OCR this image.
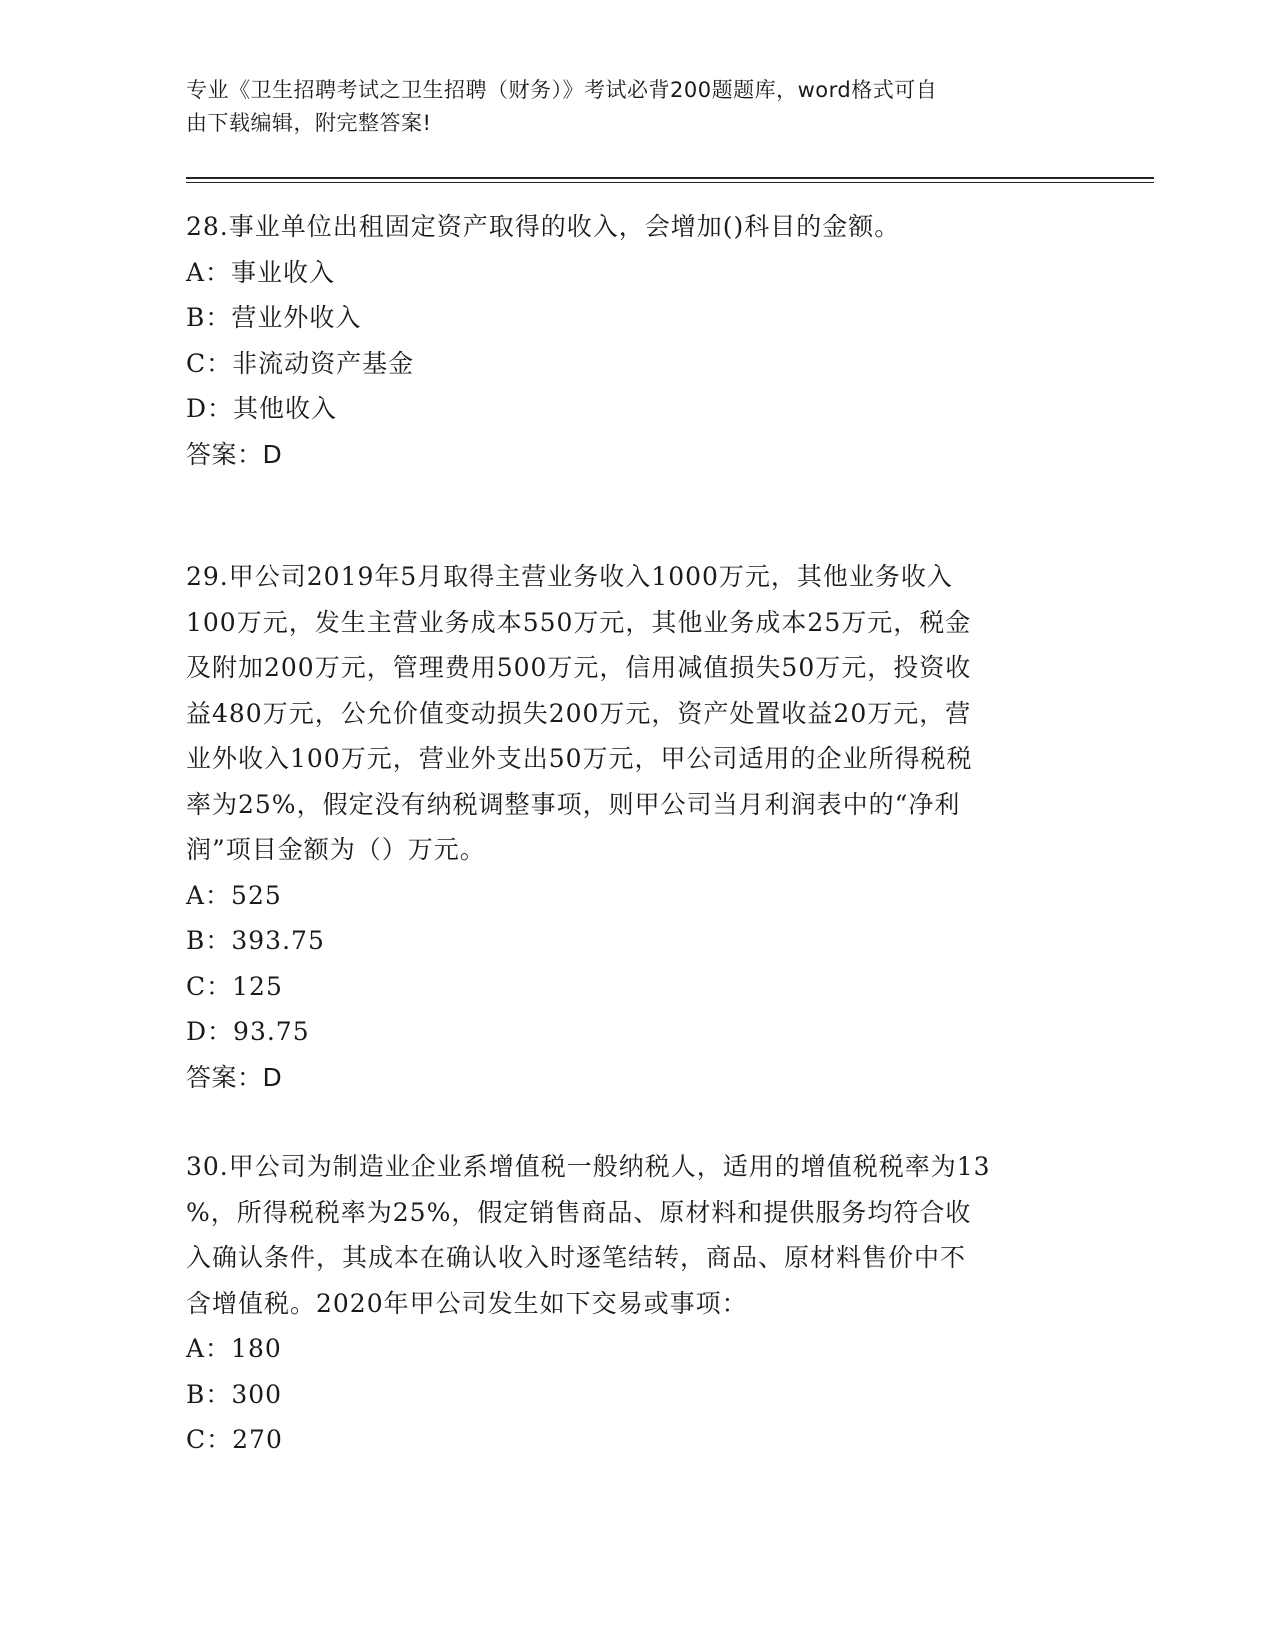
专业《卫生招聘考试之卫生招聘（财务）》考试必背200题题库，word格式可自
由下载编辑，附完整答案!
28.事业单位出租固定资产取得的收入，会增加()科目的金额。
A：事业收入
B：营业外收入
C：非流动资产基金
D：其他收入
答案：D
29.甲公司2019年5月取得主营业务收入1000万元，其他业务收入
100万元，发生主营业务成本550万元，其他业务成本25万元，税金
及附加200万元，管理费用500万元，信用减值损失50万元，投资收
益480万元，公允价值变动损失200万元，资产处置收益20万元，营
业外收入100万元，营业外支出50万元，甲公司适用的企业所得税税
率为25%，假定没有纳税调整事项，则甲公司当月利润表中的“净利
润”项目金额为（）万元。
A：525
B：393.75
C：125
D：93.75
答案：D
30.甲公司为制造业企业系增值税一般纳税人，适用的增值税税率为13
%，所得税税率为25%，假定销售商品、原材料和提供服务均符合收
入确认条件，其成本在确认收入时逐笔结转，商品、原材料售价中不
含增值税。2020年甲公司发生如下交易或事项：
A：180
B：300
C：270
